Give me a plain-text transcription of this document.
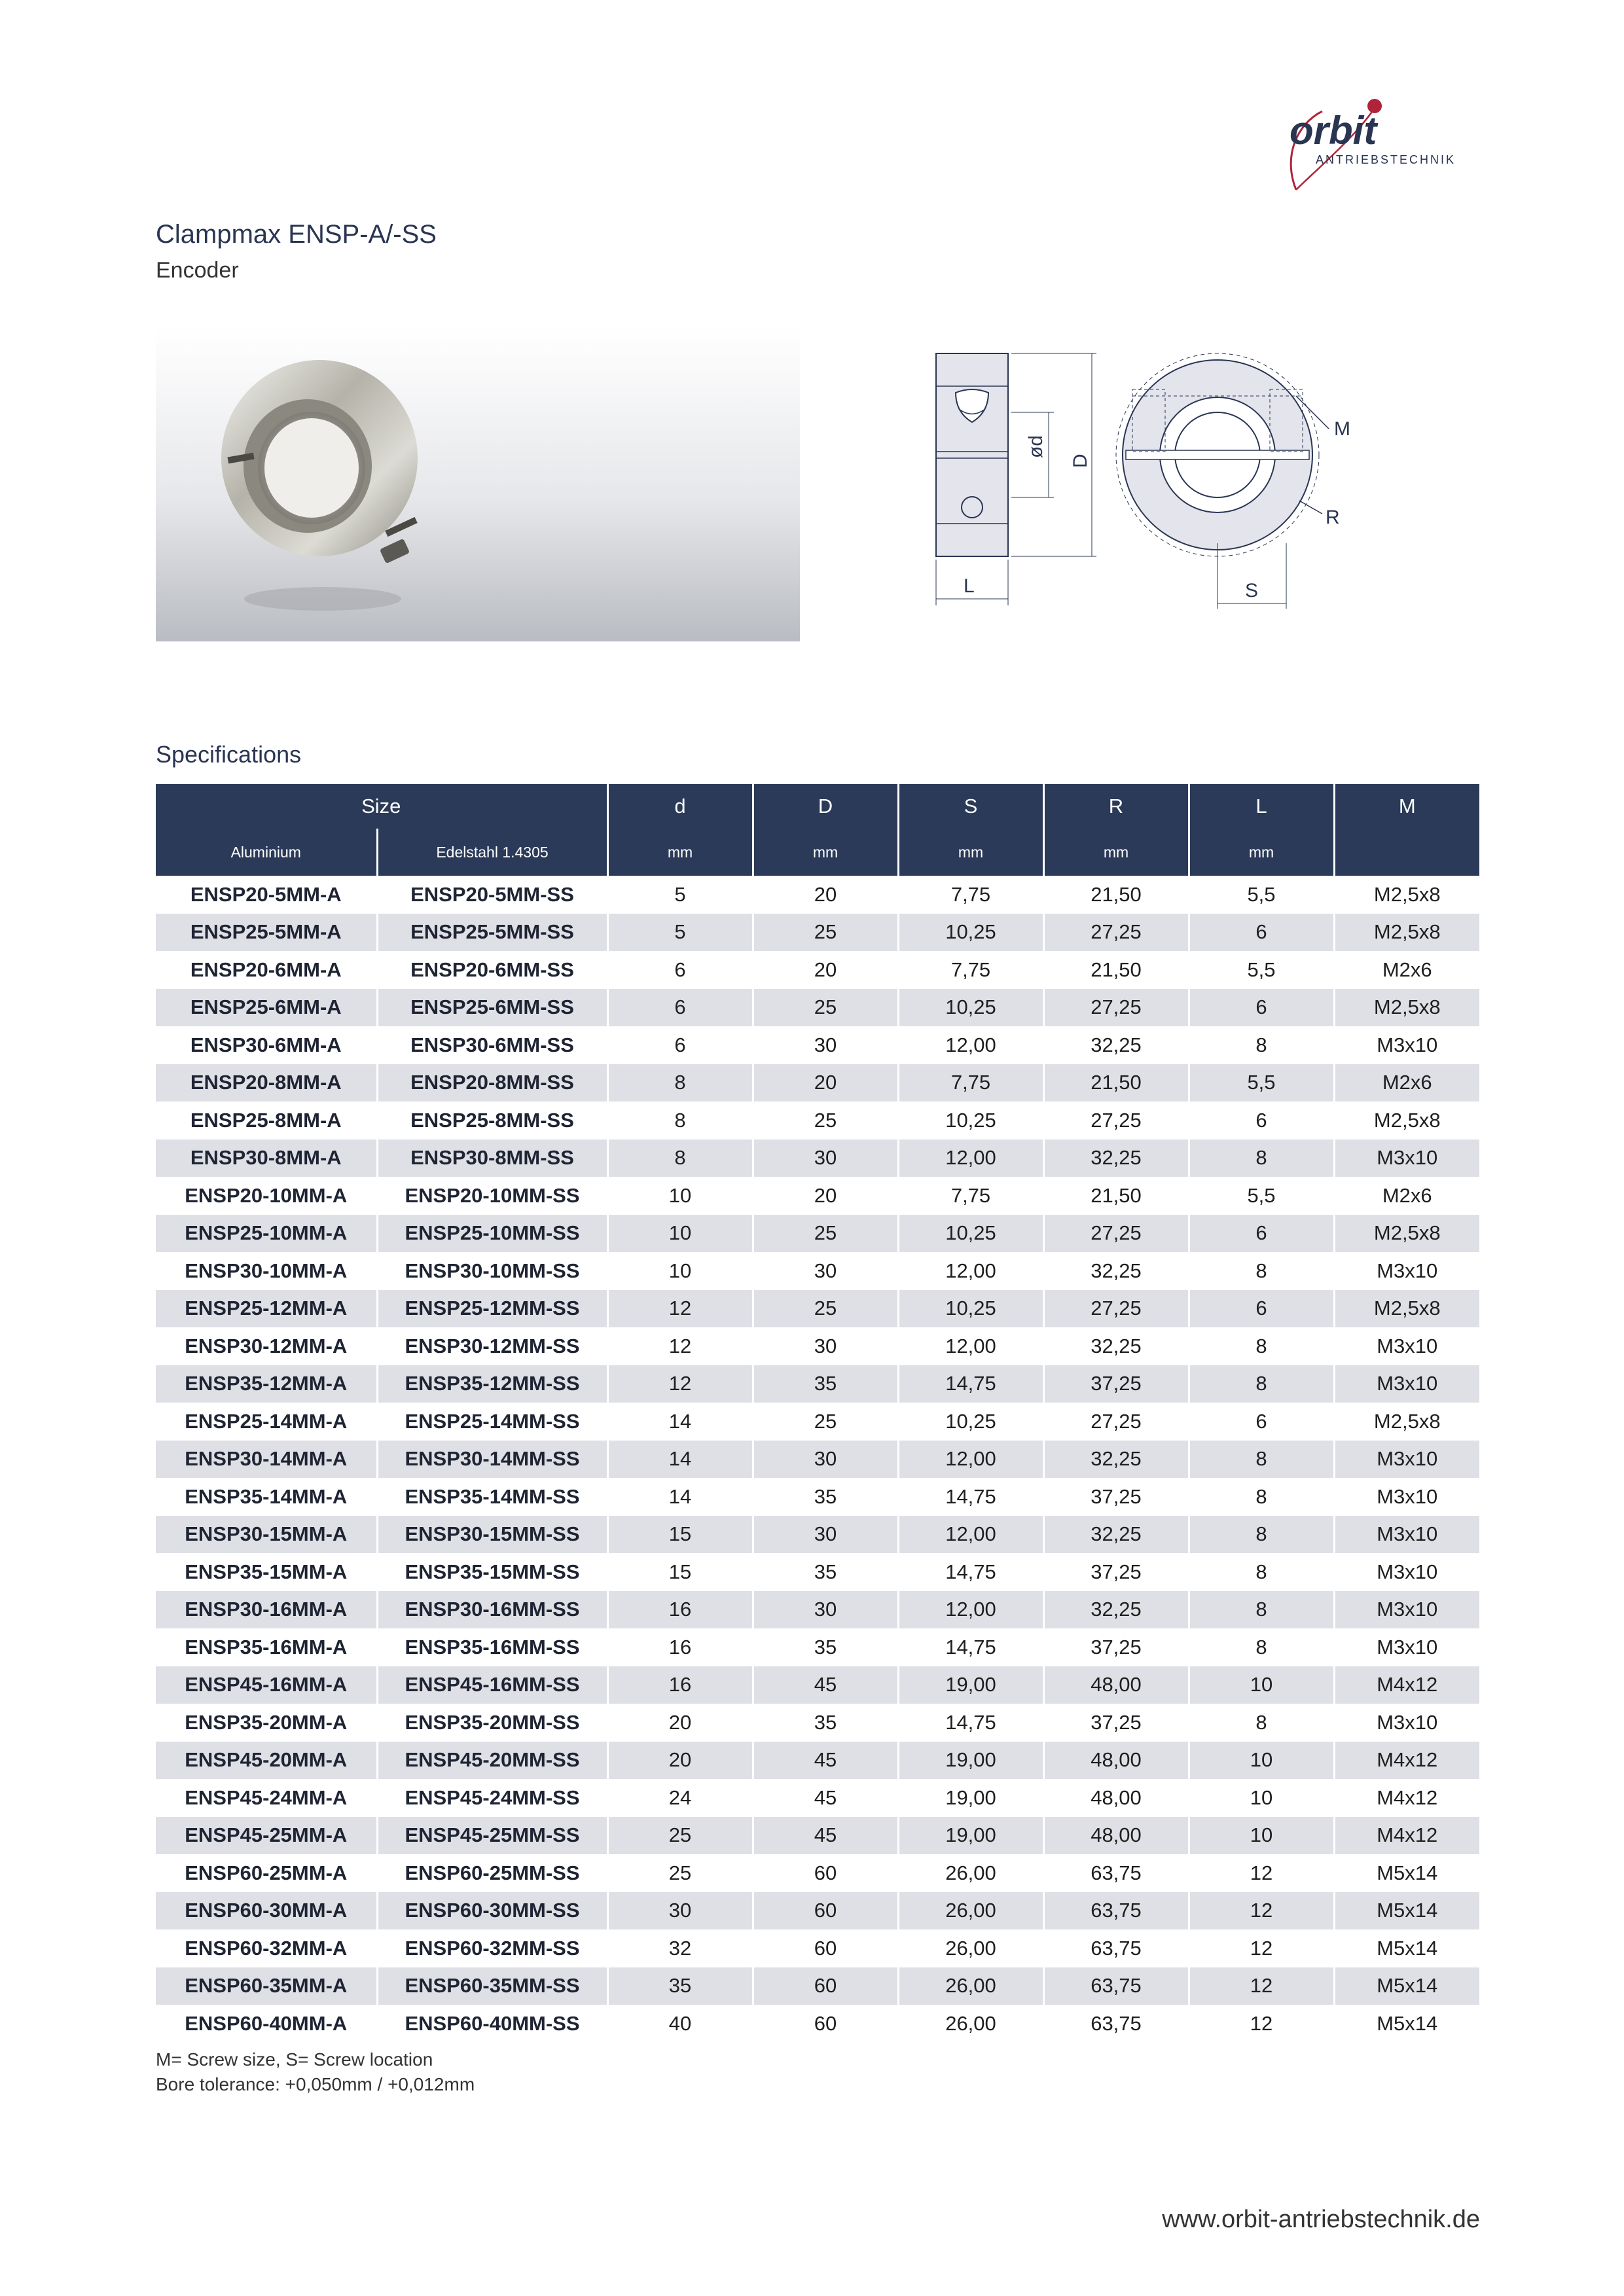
orbit
ANTRIEBSTECHNIK
Clampmax ENSP-A/-SS
Encoder
ød
D
L
M
R
S
Specifications
Size		d	D	S	R	L	M
Aluminium	Edelstahl 1.4305	mm	mm	mm	mm	mm	
ENSP20-5MM-A	ENSP20-5MM-SS	5	20	7,75	21,50	5,5	M2,5x8
ENSP25-5MM-A	ENSP25-5MM-SS	5	25	10,25	27,25	6	M2,5x8
ENSP20-6MM-A	ENSP20-6MM-SS	6	20	7,75	21,50	5,5	M2x6
ENSP25-6MM-A	ENSP25-6MM-SS	6	25	10,25	27,25	6	M2,5x8
ENSP30-6MM-A	ENSP30-6MM-SS	6	30	12,00	32,25	8	M3x10
ENSP20-8MM-A	ENSP20-8MM-SS	8	20	7,75	21,50	5,5	M2x6
ENSP25-8MM-A	ENSP25-8MM-SS	8	25	10,25	27,25	6	M2,5x8
ENSP30-8MM-A	ENSP30-8MM-SS	8	30	12,00	32,25	8	M3x10
ENSP20-10MM-A	ENSP20-10MM-SS	10	20	7,75	21,50	5,5	M2x6
ENSP25-10MM-A	ENSP25-10MM-SS	10	25	10,25	27,25	6	M2,5x8
ENSP30-10MM-A	ENSP30-10MM-SS	10	30	12,00	32,25	8	M3x10
ENSP25-12MM-A	ENSP25-12MM-SS	12	25	10,25	27,25	6	M2,5x8
ENSP30-12MM-A	ENSP30-12MM-SS	12	30	12,00	32,25	8	M3x10
ENSP35-12MM-A	ENSP35-12MM-SS	12	35	14,75	37,25	8	M3x10
ENSP25-14MM-A	ENSP25-14MM-SS	14	25	10,25	27,25	6	M2,5x8
ENSP30-14MM-A	ENSP30-14MM-SS	14	30	12,00	32,25	8	M3x10
ENSP35-14MM-A	ENSP35-14MM-SS	14	35	14,75	37,25	8	M3x10
ENSP30-15MM-A	ENSP30-15MM-SS	15	30	12,00	32,25	8	M3x10
ENSP35-15MM-A	ENSP35-15MM-SS	15	35	14,75	37,25	8	M3x10
ENSP30-16MM-A	ENSP30-16MM-SS	16	30	12,00	32,25	8	M3x10
ENSP35-16MM-A	ENSP35-16MM-SS	16	35	14,75	37,25	8	M3x10
ENSP45-16MM-A	ENSP45-16MM-SS	16	45	19,00	48,00	10	M4x12
ENSP35-20MM-A	ENSP35-20MM-SS	20	35	14,75	37,25	8	M3x10
ENSP45-20MM-A	ENSP45-20MM-SS	20	45	19,00	48,00	10	M4x12
ENSP45-24MM-A	ENSP45-24MM-SS	24	45	19,00	48,00	10	M4x12
ENSP45-25MM-A	ENSP45-25MM-SS	25	45	19,00	48,00	10	M4x12
ENSP60-25MM-A	ENSP60-25MM-SS	25	60	26,00	63,75	12	M5x14
ENSP60-30MM-A	ENSP60-30MM-SS	30	60	26,00	63,75	12	M5x14
ENSP60-32MM-A	ENSP60-32MM-SS	32	60	26,00	63,75	12	M5x14
ENSP60-35MM-A	ENSP60-35MM-SS	35	60	26,00	63,75	12	M5x14
ENSP60-40MM-A	ENSP60-40MM-SS	40	60	26,00	63,75	12	M5x14
M= Screw size, S= Screw location
Bore tolerance: +0,050mm / +0,012mm
www.orbit-antriebstechnik.de
